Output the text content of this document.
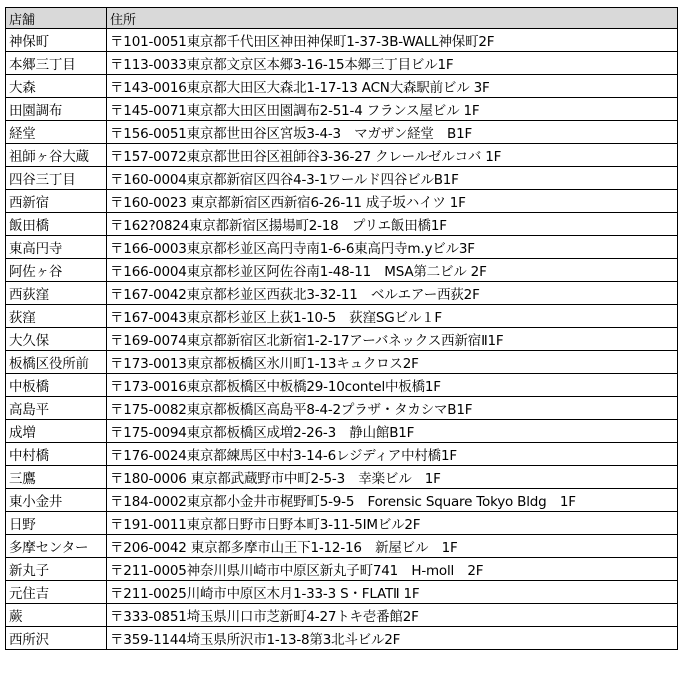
店舗	住所
神保町	〒101-0051東京都千代田区神田神保町1-37-3B-WALL神保町2F
本郷三丁目	〒113-0033東京都文京区本郷3-16-15本郷三丁目ビル1F
大森	〒143-0016東京都大田区大森北1-17-13 ACN大森駅前ビル 3F
田園調布	〒145-0071東京都大田区田園調布2-51-4 フランス屋ビル 1F
経堂	〒156-0051東京都世田谷区宮坂3-4-3　マガザン経堂　B1F
祖師ヶ谷大蔵	〒157-0072東京都世田谷区祖師谷3-36-27 クレールゼルコバ 1F
四谷三丁目	〒160-0004東京都新宿区四谷4-3-1ワールド四谷ビルB1F
西新宿	〒160-0023 東京都新宿区西新宿6-26-11 成子坂ハイツ 1F
飯田橋	〒162?0824東京都新宿区揚場町2-18　プリエ飯田橋1F
東高円寺	〒166-0003東京都杉並区高円寺南1-6-6東高円寺m.yビル3F
阿佐ヶ谷	〒166-0004東京都杉並区阿佐谷南1-48-11　MSA第二ビル 2F
西荻窪	〒167-0042東京都杉並区西荻北3-32-11　ベルエアー西荻2F
荻窪	〒167-0043東京都杉並区上荻1-10-5　荻窪SGビル１F
大久保	〒169-0074東京都新宿区北新宿1-2-17アーバネックス西新宿Ⅱ1F
板橋区役所前	〒173-0013東京都板橋区氷川町1-13キュクロス2F
中板橋	〒173-0016東京都板橋区中板橋29-10contel中板橋1F
高島平	〒175-0082東京都板橋区高島平8-4-2プラザ・タカシマB1F
成増	〒175-0094東京都板橋区成増2-26-3　静山館B1F
中村橋	〒176-0024東京都練馬区中村3-14-6レジディア中村橋1F
三鷹	〒180-0006 東京都武蔵野市中町2-5-3　幸楽ビル　1F
東小金井	〒184-0002東京都小金井市梶野町5-9-5　Forensic Square Tokyo Bldg　1F
日野	〒191-0011東京都日野市日野本町3-11-5IMビル2F
多摩センター	〒206-0042 東京都多摩市山王下1-12-16　新屋ビル　1F
新丸子	〒211-0005神奈川県川崎市中原区新丸子町741　H-moll　2F
元住吉	〒211-0025川崎市中原区木月1-33-3 S・FLATⅡ 1F
蕨	〒333-0851埼玉県川口市芝新町4-27トキ壱番館2F
西所沢	〒359-1144埼玉県所沢市1-13-8第3北斗ビル2F
